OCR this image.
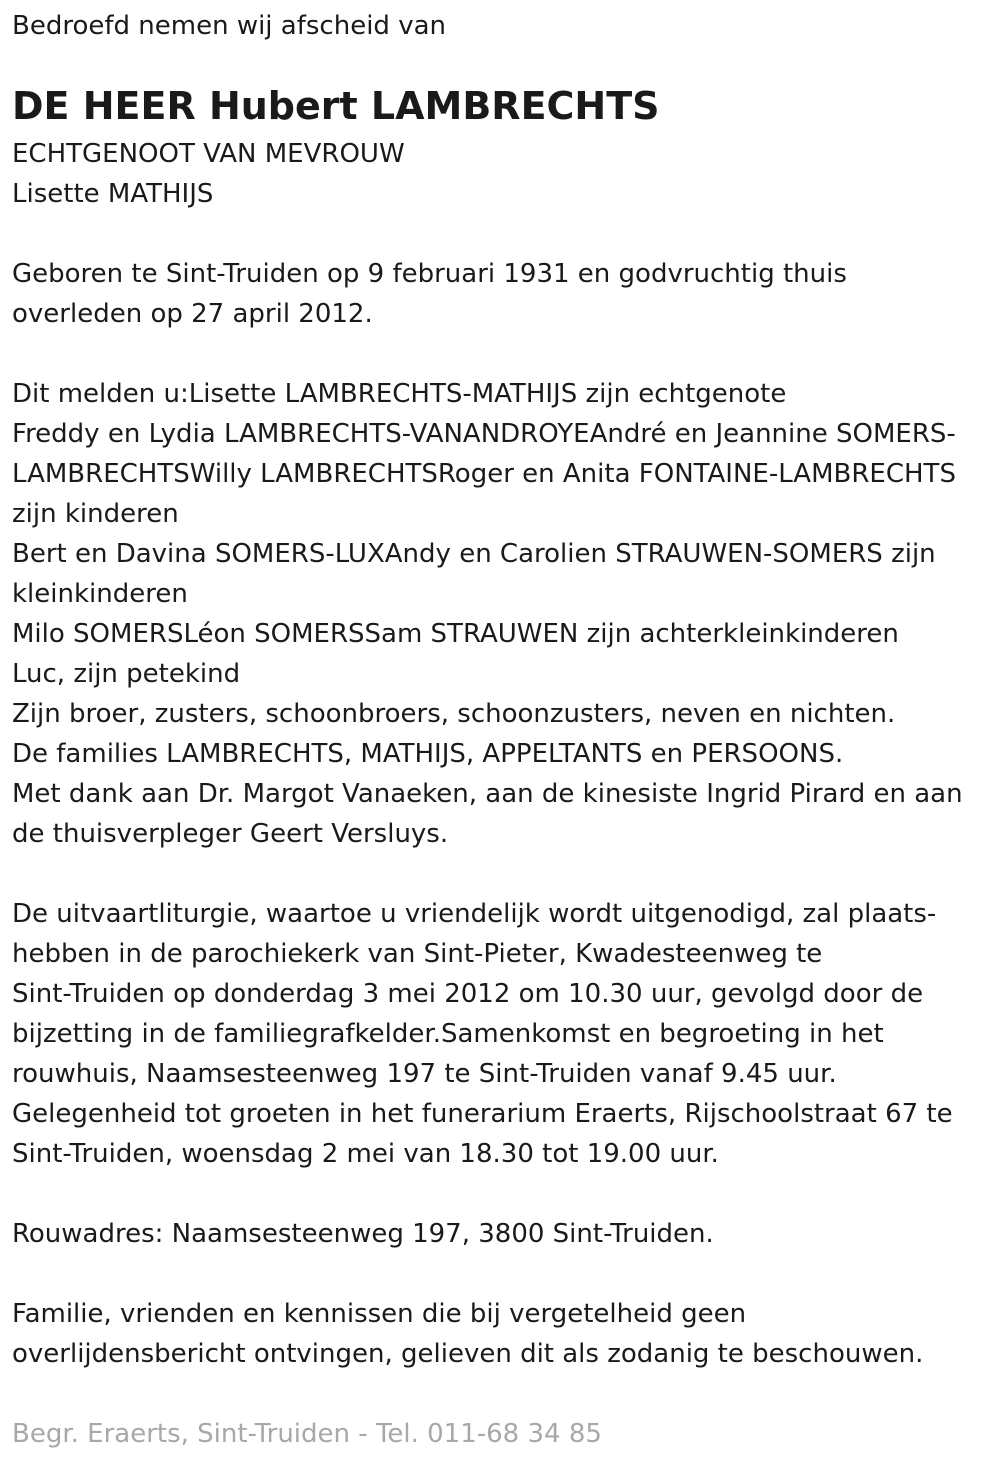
Bedroefd nemen wij afscheid van

DE HEER Hubert LAMBRECHTS

ECHTGENOOT VAN MEVROUW

Lisette MATHIJS

Geboren te Sint-Truiden op 9 februari 1931 en godvruchtig thuis

overleden op 27 april 2012.

Dit melden u:Lisette LAMBRECHTS-MATHIJS zijn echtgenote

Freddy en Lydia LAMBRECHTS-VANANDROYEAndré en Jeannine SOMERS-

LAMBRECHTSWilly LAMBRECHTSRoger en Anita FONTAINE-LAMBRECHTS

zijn kinderen

Bert en Davina SOMERS-LUXAndy en Carolien STRAUWEN-SOMERS zijn

kleinkinderen

Milo SOMERSLéon SOMERSSam STRAUWEN zijn achterkleinkinderen

Luc, zijn petekind

Zijn broer, zusters, schoonbroers, schoonzusters, neven en nichten.

De families LAMBRECHTS, MATHIJS, APPELTANTS en PERSOONS.

Met dank aan Dr. Margot Vanaeken, aan de kinesiste Ingrid Pirard en aan

de thuisverpleger Geert Versluys.

De uitvaartliturgie, waartoe u vriendelijk wordt uitgenodigd, zal plaats-

hebben in de parochiekerk van Sint-Pieter, Kwadesteenweg te

Sint-Truiden op donderdag 3 mei 2012 om 10.30 uur, gevolgd door de

bijzetting in de familiegrafkelder.Samenkomst en begroeting in het

rouwhuis, Naamsesteenweg 197 te Sint-Truiden vanaf 9.45 uur.

Gelegenheid tot groeten in het funerarium Eraerts, Rijschoolstraat 67 te

Sint-Truiden, woensdag 2 mei van 18.30 tot 19.00 uur.

Rouwadres: Naamsesteenweg 197, 3800 Sint-Truiden.

Familie, vrienden en kennissen die bij vergetelheid geen

overlijdensbericht ontvingen, gelieven dit als zodanig te beschouwen.

Begr. Eraerts, Sint-Truiden - Tel. 011-68 34 85
